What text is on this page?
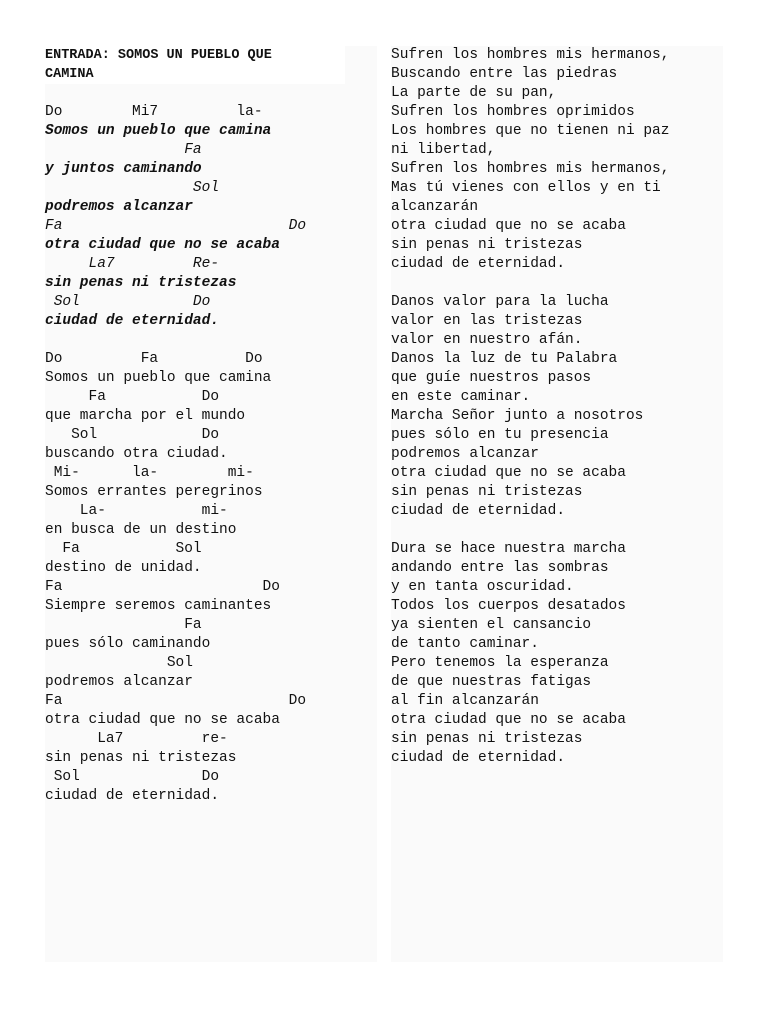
ENTRADA: SOMOS UN PUEBLO QUE
CAMINA
Do        Mi7         la-
Somos un pueblo que camina
Fa
y juntos caminando
Sol
podremos alcanzar
Fa                          Do
otra ciudad que no se acaba
La7         Re-
sin penas ni tristezas
Sol             Do
ciudad de eternidad.
Do         Fa          Do
Somos un pueblo que camina
Fa           Do
que marcha por el mundo
Sol            Do
buscando otra ciudad.
Mi-      la-        mi-
Somos errantes peregrinos
La-           mi-
en busca de un destino
Fa           Sol
destino de unidad.
Fa                       Do
Siempre seremos caminantes
Fa
pues sólo caminando
Sol
podremos alcanzar
Fa                          Do
otra ciudad que no se acaba
La7         re-
sin penas ni tristezas
Sol              Do
ciudad de eternidad.
Sufren los hombres mis hermanos,
Buscando entre las piedras
La parte de su pan,
Sufren los hombres oprimidos
Los hombres que no tienen ni paz
ni libertad,
Sufren los hombres mis hermanos,
Mas tú vienes con ellos y en ti
alcanzarán
otra ciudad que no se acaba
sin penas ni tristezas
ciudad de eternidad.
Danos valor para la lucha
valor en las tristezas
valor en nuestro afán.
Danos la luz de tu Palabra
que guíe nuestros pasos
en este caminar.
Marcha Señor junto a nosotros
pues sólo en tu presencia
podremos alcanzar
otra ciudad que no se acaba
sin penas ni tristezas
ciudad de eternidad.
Dura se hace nuestra marcha
andando entre las sombras
y en tanta oscuridad.
Todos los cuerpos desatados
ya sienten el cansancio
de tanto caminar.
Pero tenemos la esperanza
de que nuestras fatigas
al fin alcanzarán
otra ciudad que no se acaba
sin penas ni tristezas
ciudad de eternidad.
